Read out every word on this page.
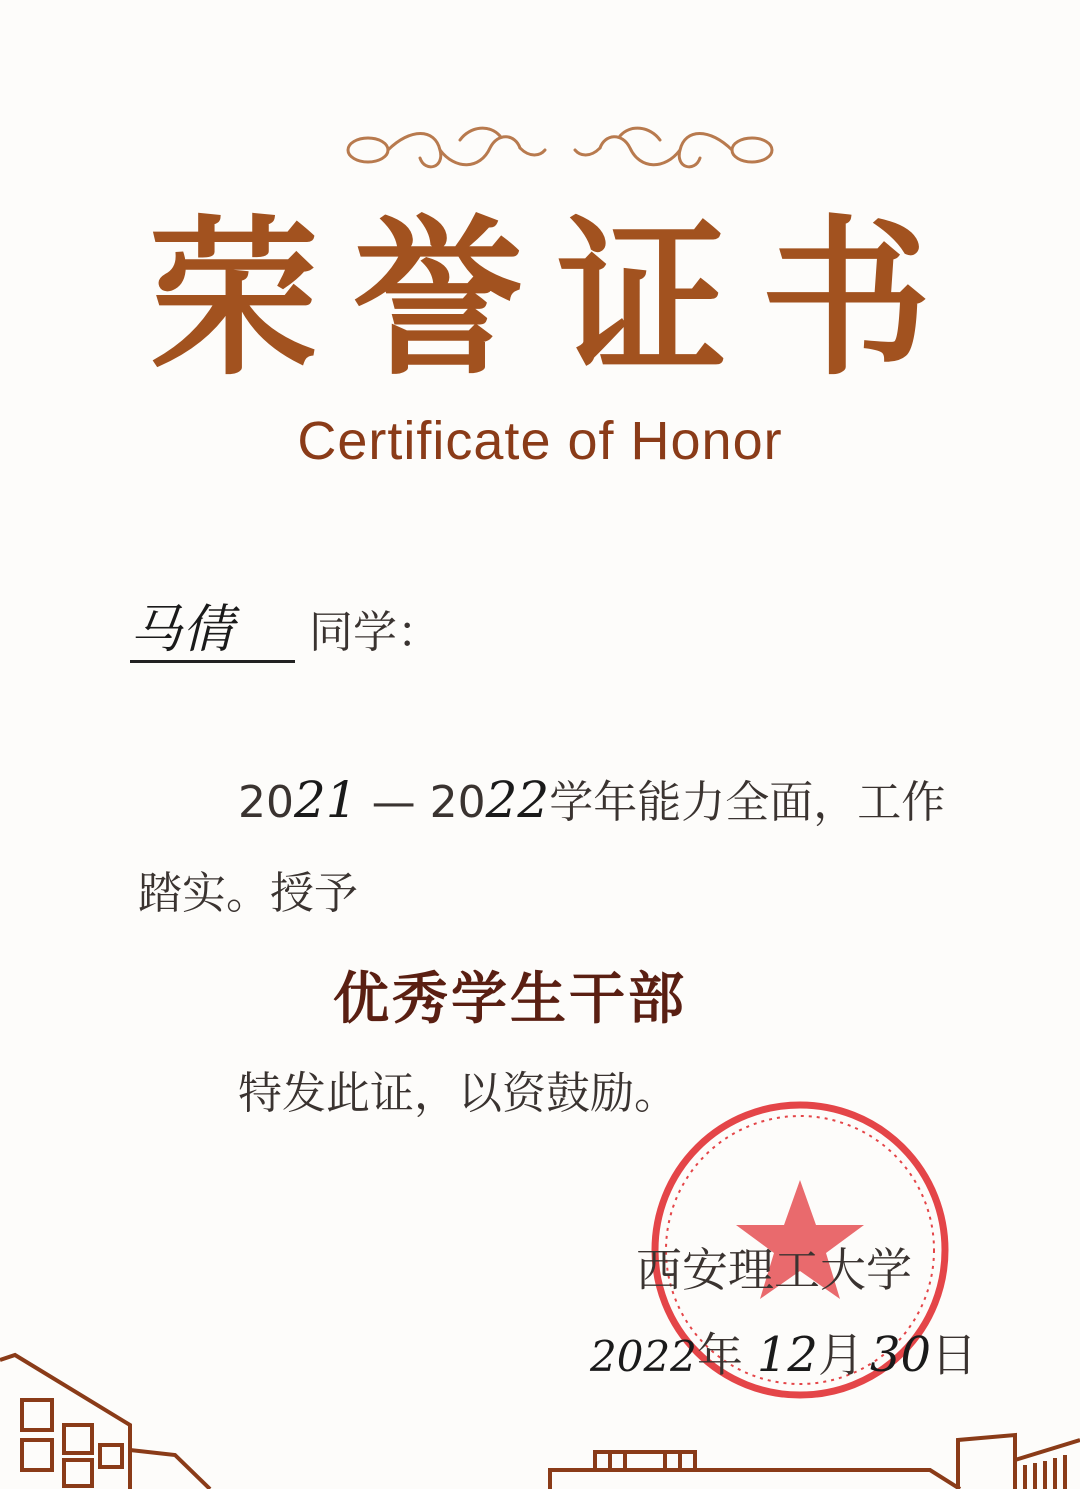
荣誉证书
Certificate of Honor
马倩 同学：
2021 — 2022学年能力全面，工作
踏实。授予
优秀学生干部
特发此证，以资鼓励。
西安理工大学
2022年 12月 30日
